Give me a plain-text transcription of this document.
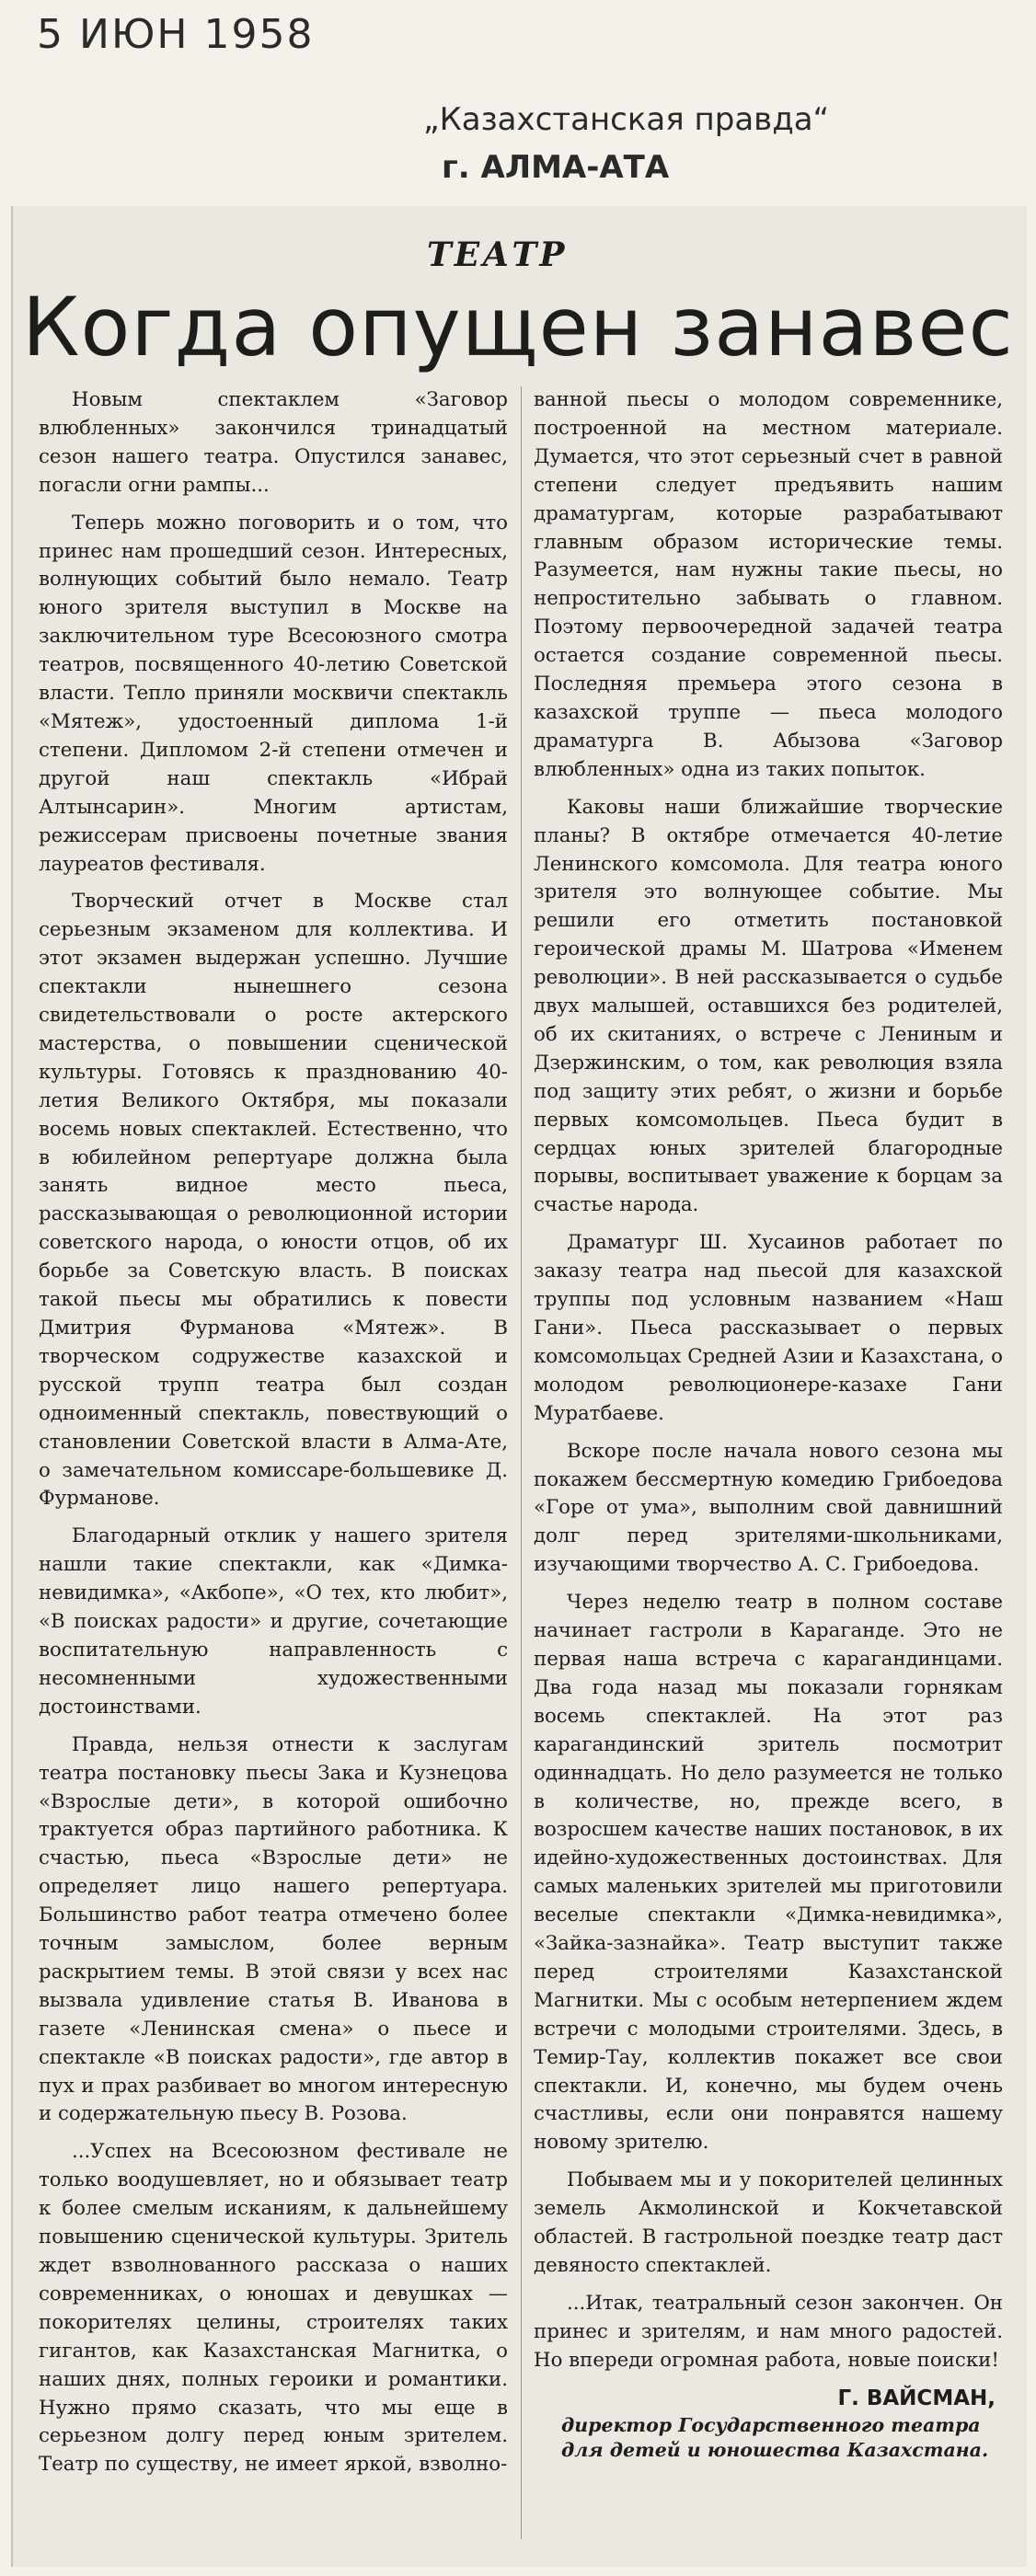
5 ИЮН 1958
„Казахстанская правда“
г. АЛМА-АТА
ТЕАТР
Когда опущен занавес

Новым спектаклем «Заговор влюбленных» закончился тринадцатый сезон нашего театра. Опустился занавес, погасли огни рампы...

Теперь можно поговорить и о том, что принес нам прошедший сезон. Интересных, волнующих событий было немало. Театр юного зрителя выступил в Москве на заключительном туре Всесоюзного смотра театров, посвященного 40-летию Советской власти. Тепло приняли москвичи спектакль «Мятеж», удостоенный диплома 1-й степени. Дипломом 2-й степени отмечен и другой наш спектакль «Ибрай Алтынсарин». Многим артистам, режиссерам присвоены почетные звания лауреатов фестиваля.

Творческий отчет в Москве стал серьезным экзаменом для коллектива. И этот экзамен выдержан успешно. Лучшие спектакли нынешнего сезона свидетельствовали о росте актерского мастерства, о повышении сценической культуры. Готовясь к празднованию 40-летия Великого Октября, мы показали восемь новых спектаклей. Естественно, что в юбилейном репертуаре должна была занять видное место пьеса, рассказывающая о революционной истории советского народа, о юности отцов, об их борьбе за Советскую власть. В поисках такой пьесы мы обратились к повести Дмитрия Фурманова «Мятеж». В творческом содружестве казахской и русской трупп театра был создан одноименный спектакль, повествующий о становлении Советской власти в Алма-Ате, о замечательном комиссаре-большевике Д. Фурманове.

Благодарный отклик у нашего зрителя нашли такие спектакли, как «Димка-невидимка», «Акбопе», «О тех, кто любит», «В поисках радости» и другие, сочетающие воспитательную направленность с несомненными художественными достоинствами.

Правда, нельзя отнести к заслугам театра постановку пьесы Зака и Кузнецова «Взрослые дети», в которой ошибочно трактуется образ партийного работника. К счастью, пьеса «Взрослые дети» не определяет лицо нашего репертуара. Большинство работ театра отмечено более точным замыслом, более верным раскрытием темы. В этой связи у всех нас вызвала удивление статья В. Иванова в газете «Ленинская смена» о пьесе и спектакле «В поисках радости», где автор в пух и прах разбивает во многом интересную и содержательную пьесу В. Розова.

...Успех на Всесоюзном фестивале не только воодушевляет, но и обязывает театр к более смелым исканиям, к дальнейшему повышению сценической культуры. Зритель ждет взволнованного рассказа о наших современниках, о юношах и девушках — покорителях целины, строителях таких гигантов, как Казахстанская Магнитка, о наших днях, полных героики и романтики. Нужно прямо сказать, что мы еще в серьезном долгу перед юным зрителем. Театр по существу, не имеет яркой, взволно-

ванной пьесы о молодом современнике, построенной на местном материале. Думается, что этот серьезный счет в равной степени следует предъявить нашим драматургам, которые разрабатывают главным образом исторические темы. Разумеется, нам нужны такие пьесы, но непростительно забывать о главном. Поэтому первоочередной задачей театра остается создание современной пьесы. Последняя премьера этого сезона в казахской труппе — пьеса молодого драматурга В. Абызова «Заговор влюбленных» одна из таких попыток.

Каковы наши ближайшие творческие планы? В октябре отмечается 40-летие Ленинского комсомола. Для театра юного зрителя это волнующее событие. Мы решили его отметить постановкой героической драмы М. Шатрова «Именем революции». В ней рассказывается о судьбе двух малышей, оставшихся без родителей, об их скитаниях, о встрече с Лениным и Дзержинским, о том, как революция взяла под защиту этих ребят, о жизни и борьбе первых комсомольцев. Пьеса будит в сердцах юных зрителей благородные порывы, воспитывает уважение к борцам за счастье народа.

Драматург Ш. Хусаинов работает по заказу театра над пьесой для казахской труппы под условным названием «Наш Гани». Пьеса рассказывает о первых комсомольцах Средней Азии и Казахстана, о молодом революционере-казахе Гани Муратбаеве.

Вскоре после начала нового сезона мы покажем бессмертную комедию Грибоедова «Горе от ума», выполним свой давнишний долг перед зрителями-школьниками, изучающими творчество А. С. Грибоедова.

Через неделю театр в полном составе начинает гастроли в Караганде. Это не первая наша встреча с карагандинцами. Два года назад мы показали горнякам восемь спектаклей. На этот раз карагандинский зритель посмотрит одиннадцать. Но дело разумеется не только в количестве, но, прежде всего, в возросшем качестве наших постановок, в их идейно-художественных достоинствах. Для самых маленьких зрителей мы приготовили веселые спектакли «Димка-невидимка», «Зайка-зазнайка». Театр выступит также перед строителями Казахстанской Магнитки. Мы с особым нетерпением ждем встречи с молодыми строителями. Здесь, в Темир-Тау, коллектив покажет все свои спектакли. И, конечно, мы будем очень счастливы, если они понравятся нашему новому зрителю.

Побываем мы и у покорителей целинных земель Акмолинской и Кокчетавской областей. В гастрольной поездке театр даст девяносто спектаклей.

...Итак, театральный сезон закончен. Он принес и зрителям, и нам много радостей. Но впереди огромная работа, новые поиски!

Г. ВАЙСМАН,
директор Государственного театра для детей и юношества Казахстана.
